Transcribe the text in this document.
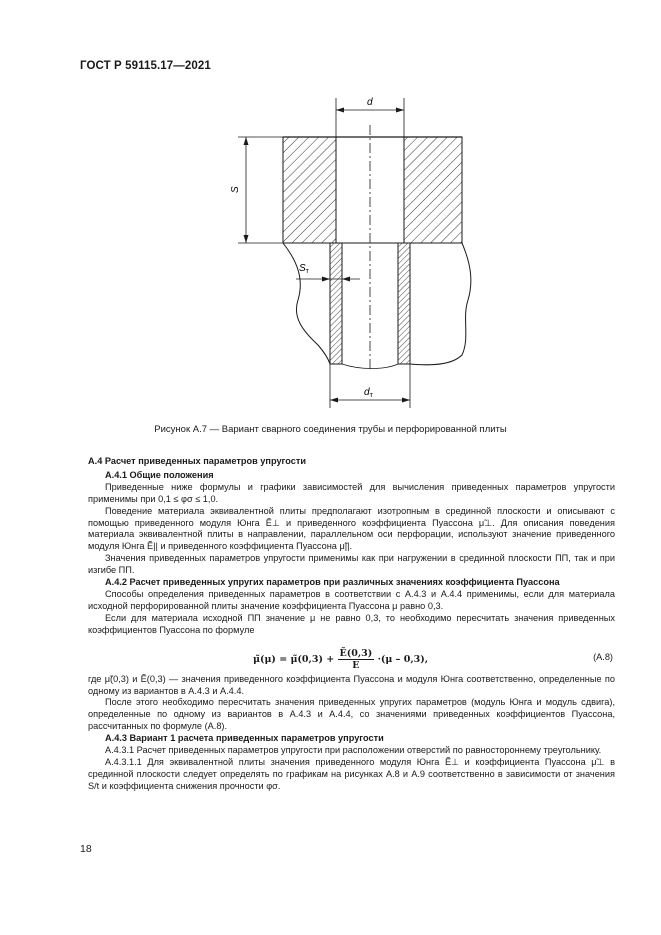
ГОСТ Р 59115.17—2021
d
S
$S_т$
$d_т$
Рисунок А.7 — Вариант сварного соединения трубы и перфорированной плиты

А.4 Расчет приведенных параметров упругости

А.4.1 Общие положения

Приведенные ниже формулы и графики зависимостей для вычисления приведенных параметров упругости применимы при 0,1 ≤ φσ ≤ 1,0.

Поведение материала эквивалентной плиты предполагают изотропным в срединной плоскости и описывают с помощью приведенного модуля Юнга Ẽ⊥ и приведенного коэффициента Пуассона μ̃⊥. Для описания поведения материала эквивалентной плиты в направлении, параллельном оси перфорации, используют значение приведенного модуля Юнга Ẽ|| и приведенного коэффициента Пуассона μ̃||.

Значения приведенных параметров упругости применимы как при нагружении в срединной плоскости ПП, так и при изгибе ПП.

А.4.2 Расчет приведенных упругих параметров при различных значениях коэффициента Пуассона

Способы определения приведенных параметров в соответствии с А.4.3 и А.4.4 применимы, если для материала исходной перфорированной плиты значение коэффициента Пуассона μ равно 0,3.

Если для материала исходной ПП значение μ не равно 0,3, то необходимо пересчитать значения приведенных коэффициентов Пуассона по формуле

μ̃(μ) = μ̃(0,3) + $\frac{\text{Ẽ(0,3)}}{E} \cdot(\mu - 0,3)$,	(А.8)

где μ̃(0,3) и Ẽ(0,3) — значения приведенного коэффициента Пуассона и модуля Юнга соответственно, определенные по одному из вариантов в А.4.3 и А.4.4.

После этого необходимо пересчитать значения приведенных упругих параметров (модуль Юнга и модуль сдвига), определенные по одному из вариантов в А.4.3 и А.4.4, со значениями приведенных коэффициентов Пуассона, рассчитанных по формуле (А.8).

А.4.3 Вариант 1 расчета приведенных параметров упругости

А.4.3.1 Расчет приведенных параметров упругости при расположении отверстий по равностороннему треугольнику.

А.4.3.1.1 Для эквивалентной плиты значения приведенного модуля Юнга Ẽ⊥ и коэффициента Пуассона μ̃⊥ в срединной плоскости следует определять по графикам на рисунках А.8 и А.9 соответственно в зависимости от значения S/t и коэффициента снижения прочности φσ.

18
